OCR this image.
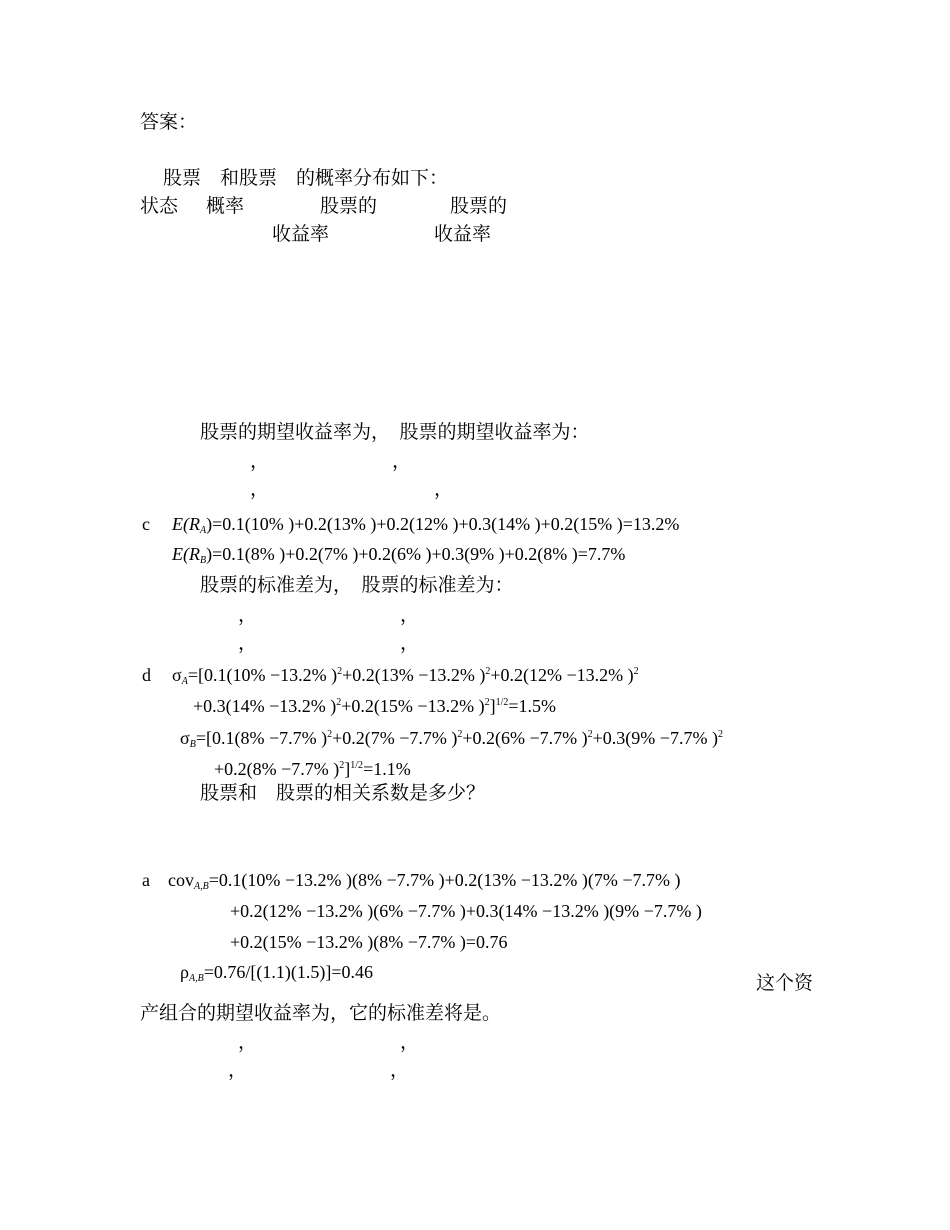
答案：
股票　和股票　的概率分布如下：
状态 概率	股票的	股票的
收益率	收益率
股票的期望收益率为，　股票的期望收益率为：
，	，
，	，
c $E(R_A)=0.1(10\%$ )+0.2(13% )+0.2(12% )+0.3(14% )+0.2(15% )=13.2%
$E(R_B)=0.1(8\%$ )+0.2(7% )+0.2(6% )+0.3(9% )+0.2(8% )=7.7%
股票的标准差为，　股票的标准差为：
，	，
，	，
d $\sigma_A=[0.1(10\% -13.2\%$ )$^2$+0.2(13% −13.2% )$^2$+0.2(12% −13.2% )$^2$
+0.3(14% −13.2% )$^2$+0.2(15% −13.2% )$^2$]$^{1/2}$=1.5%
$\sigma_B=[0.1(8\% -7.7\%$ )$^2$+0.2(7% −7.7% )$^2$+0.2(6% −7.7% )$^2$+0.3(9% −7.7% )$^2$
+0.2(8% −7.7% )$^2$]$^{1/2}$=1.1%
股票和　股票的相关系数是多少？
a cov$_{A,B}$=0.1(10% −13.2% )(8% −7.7% )+0.2(13% −13.2% )(7% −7.7% )
+0.2(12% −13.2% )(6% −7.7% )+0.3(14% −13.2% )(9% −7.7% )
+0.2(15% −13.2% )(8% −7.7% )=0.76
$\rho_{A,B}=0.76/[(1.1)(1.5)]=0.46$	这个资
产组合的期望收益率为，它的标准差将是。
，	，
，	，
